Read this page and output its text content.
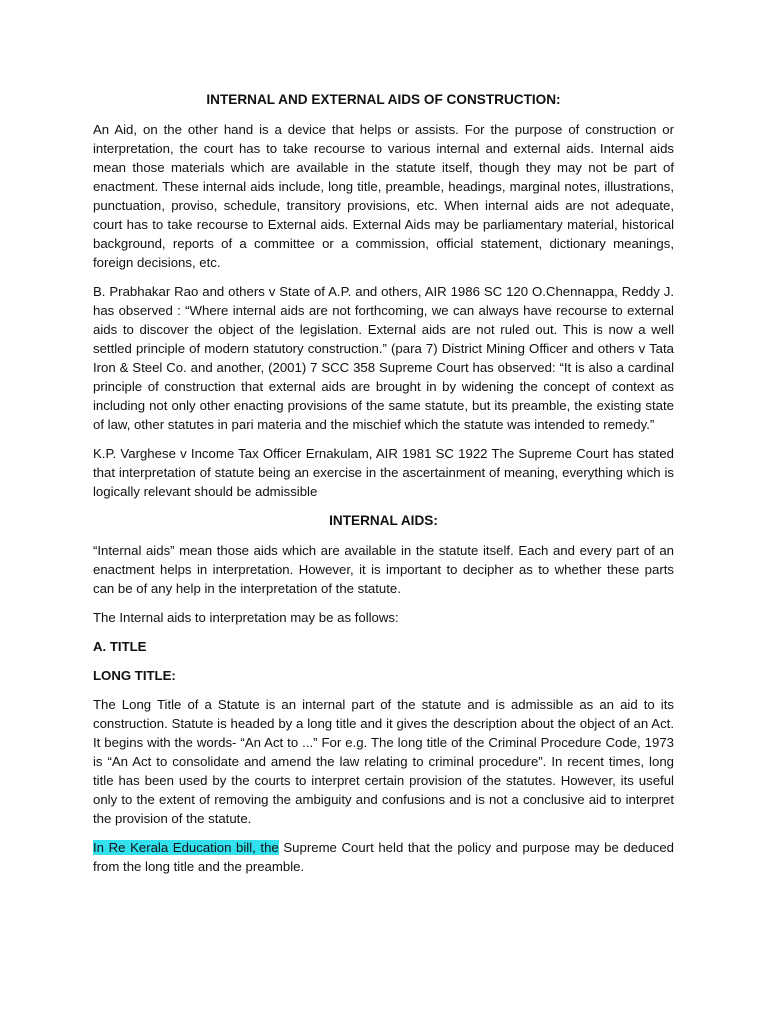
INTERNAL AND EXTERNAL AIDS OF CONSTRUCTION:

An Aid, on the other hand is a device that helps or assists. For the purpose of construction or interpretation, the court has to take recourse to various internal and external aids. Internal aids mean those materials which are available in the statute itself, though they may not be part of enactment. These internal aids include, long title, preamble, headings, marginal notes, illustrations, punctuation, proviso, schedule, transitory provisions, etc. When internal aids are not adequate, court has to take recourse to External aids. External Aids may be parliamentary material, historical background, reports of a committee or a commission, official statement, dictionary meanings, foreign decisions, etc.

B. Prabhakar Rao and others v State of A.P. and others, AIR 1986 SC 120 O.Chennappa, Reddy J. has observed : “Where internal aids are not forthcoming, we can always have recourse to external aids to discover the object of the legislation. External aids are not ruled out. This is now a well settled principle of modern statutory construction.” (para 7) District Mining Officer and others v Tata Iron & Steel Co. and another, (2001) 7 SCC 358 Supreme Court has observed: “It is also a cardinal principle of construction that external aids are brought in by widening the concept of context as including not only other enacting provisions of the same statute, but its preamble, the existing state of law, other statutes in pari materia and the mischief which the statute was intended to remedy.”

K.P. Varghese v Income Tax Officer Ernakulam, AIR 1981 SC 1922 The Supreme Court has stated that interpretation of statute being an exercise in the ascertainment of meaning, everything which is logically relevant should be admissible

INTERNAL AIDS:

“Internal aids” mean those aids which are available in the statute itself. Each and every part of an enactment helps in interpretation. However, it is important to decipher as to whether these parts can be of any help in the interpretation of the statute.

The Internal aids to interpretation may be as follows:

A. TITLE

LONG TITLE:

The Long Title of a Statute is an internal part of the statute and is admissible as an aid to its construction. Statute is headed by a long title and it gives the description about the object of an Act. It begins with the words- “An Act to ...” For e.g. The long title of the Criminal Procedure Code, 1973 is “An Act to consolidate and amend the law relating to criminal procedure”. In recent times, long title has been used by the courts to interpret certain provision of the statutes. However, its useful only to the extent of removing the ambiguity and confusions and is not a conclusive aid to interpret the provision of the statute.

In Re Kerala Education bill, the Supreme Court held that the policy and purpose may be deduced from the long title and the preamble.
